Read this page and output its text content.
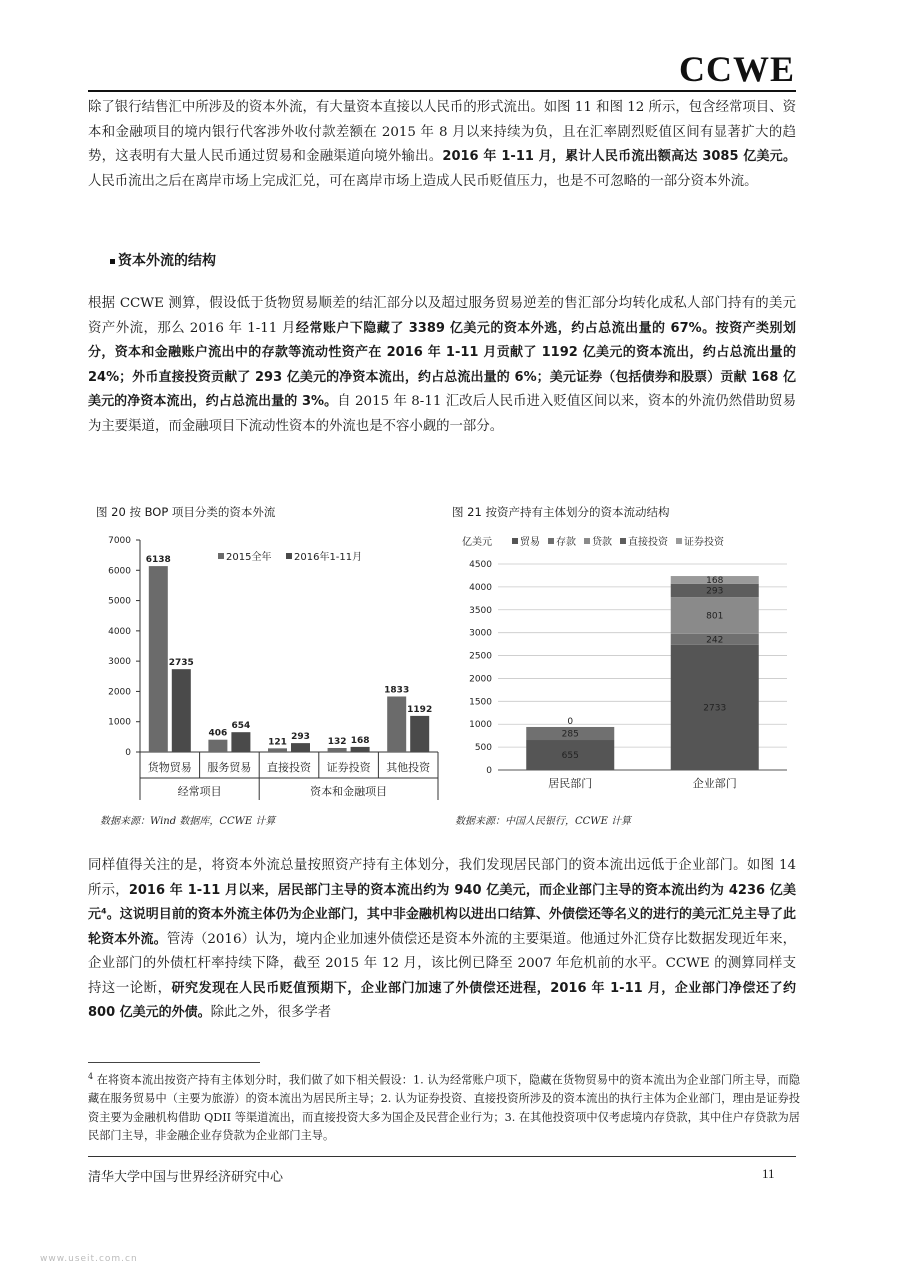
CCWE

除了银行结售汇中所涉及的资本外流，有大量资本直接以人民币的形式流出。如图 11 和图 12 所示，包含经常项目、资本和金融项目的境内银行代客涉外收付款差额在 2015 年 8 月以来持续为负，且在汇率剧烈贬值区间有显著扩大的趋势，这表明有大量人民币通过贸易和金融渠道向境外输出。2016 年 1-11 月，累计人民币流出额高达 3085 亿美元。人民币流出之后在离岸市场上完成汇兑，可在离岸市场上造成人民币贬值压力，也是不可忽略的一部分资本外流。

资本外流的结构

根据 CCWE 测算，假设低于货物贸易顺差的结汇部分以及超过服务贸易逆差的售汇部分均转化成私人部门持有的美元资产外流，那么 2016 年 1-11 月经常账户下隐藏了 3389 亿美元的资本外逃，约占总流出量的 67%。按资产类别划分，资本和金融账户流出中的存款等流动性资产在 2016 年 1-11 月贡献了 1192 亿美元的资本流出，约占总流出量的 24%；外币直接投资贡献了 293 亿美元的净资本流出，约占总流出量的 6%；美元证券（包括债券和股票）贡献 168 亿美元的净资本流出，约占总流出量的 3%。自 2015 年 8-11 汇改后人民币进入贬值区间以来，资本的外流仍然借助贸易为主要渠道，而金融项目下流动性资本的外流也是不容小觑的一部分。

图 20 按 BOP 项目分类的资本外流
0
1000
2000
3000
4000
5000
6000
7000
6138
2735
货物贸易
406
654
服务贸易
121
293
直接投资
132 168
证券投资
1833
1192
其他投资
经常项目	资本和金融项目
2015全年 2016年1-11月
数据来源：Wind 数据库，CCWE 计算
图 21 按资产持有主体划分的资本流动结构
0
500
1000
1500
2000
2500
3000
3500
4000
4500
亿美元	贸易 存款 贷款 直接投资 证券投资
655
285
0
居民部门
2733
242
801
293
168
企业部门
数据来源：中国人民银行，CCWE 计算

同样值得关注的是，将资本外流总量按照资产持有主体划分，我们发现居民部门的资本流出远低于企业部门。如图 14 所示，2016 年 1-11 月以来，居民部门主导的资本流出约为 940 亿美元，而企业部门主导的资本流出约为 4236 亿美元⁴。这说明目前的资本外流主体仍为企业部门，其中非金融机构以进出口结算、外债偿还等名义的进行的美元汇兑主导了此轮资本外流。管涛（2016）认为，境内企业加速外债偿还是资本外流的主要渠道。他通过外汇贷存比数据发现近年来，企业部门的外债杠杆率持续下降，截至 2015 年 12 月，该比例已降至 2007 年危机前的水平。CCWE 的测算同样支持这一论断，研究发现在人民币贬值预期下，企业部门加速了外债偿还进程，2016 年 1-11 月，企业部门净偿还了约 800 亿美元的外债。除此之外，很多学者

$^4$ 在将资本流出按资产持有主体划分时，我们做了如下相关假设：1. 认为经常账户项下，隐藏在货物贸易中的资本流出为企业部门所主导，而隐藏在服务贸易中（主要为旅游）的资本流出为居民所主导；2. 认为证券投资、直接投资所涉及的资本流出的执行主体为企业部门，理由是证券投资主要为金融机构借助 QDII 等渠道流出，而直接投资大多为国企及民营企业行为；3. 在其他投资项中仅考虑境内存贷款，其中住户存贷款为居民部门主导，非金融企业存贷款为企业部门主导。

清华大学中国与世界经济研究中心	11
www.useit.com.cn
